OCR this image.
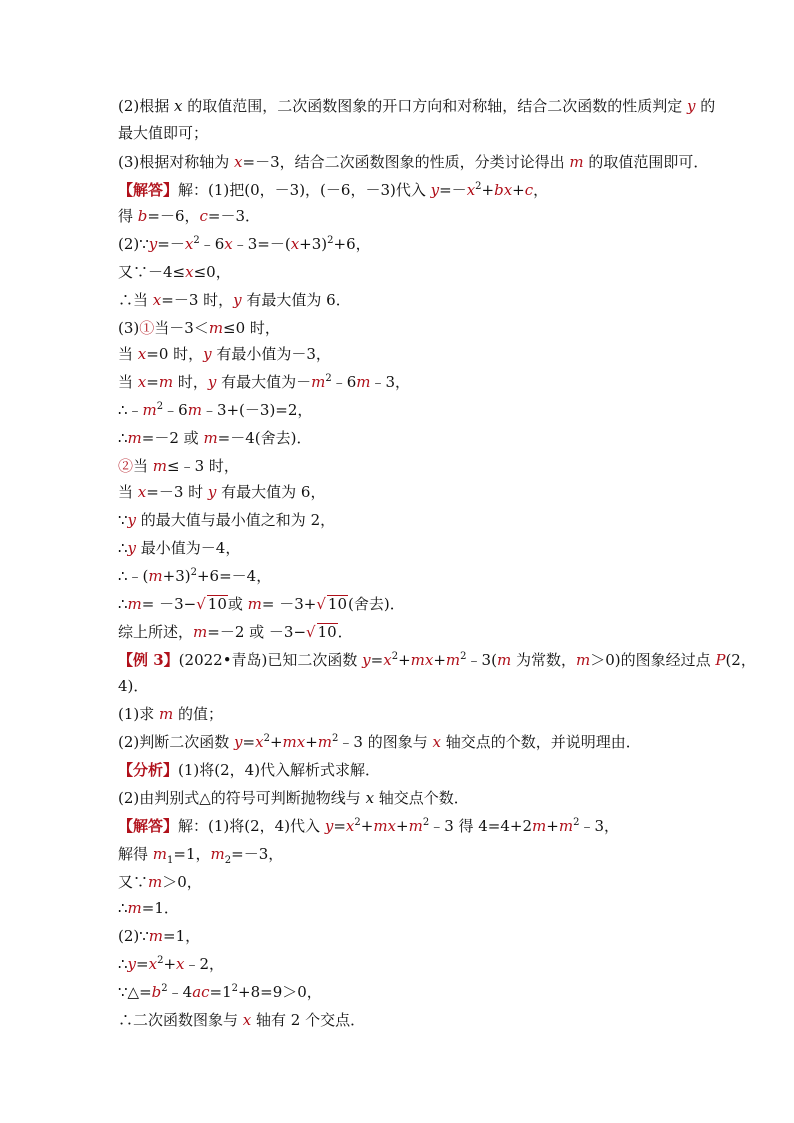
(2)根据 x 的取值范围，二次函数图象的开口方向和对称轴，结合二次函数的性质判定 y 的
最大值即可；
(3)根据对称轴为 x=－3，结合二次函数图象的性质，分类讨论得出 m 的取值范围即可．
【解答】解：(1)把(0，－3)，(－6，－3)代入 $y=-x^2+bx+c$，
得 b=－6，c=－3．
$(2)\because y=-x^2﹣6x﹣3=-(x+3)^2+6$，
又∵－4≤x≤0，
∴当 x=－3 时，y 有最大值为 6．
(3)①当－3＜m≤0 时，
当 x=0 时，y 有最小值为－3，
当 x=m 时，y 有最大值为$-m^2﹣6m﹣3$，
$\therefore﹣m^2﹣6m﹣3+(-3)=2$，
∴m=－2 或 m=－4(舍去)．
②当 m≤﹣3 时，
当 x=－3 时 y 有最大值为 6，
∵y 的最大值与最小值之和为 2，
∴y 最小值为－4，
$\therefore﹣(m+3)^2+6=-4$，
∴m= －3−√ 10或 m= －3+√ 10(舍去)．
综上所述，m=－2 或 －3−√ 10．
【例 3】(2022•青岛)已知二次函数 $y=x^2+mx+m^2﹣3(m$ 为常数，m＞0)的图象经过点 P(2，
4)．
(1)求 m 的值；
(2)判断二次函数 $y=x^2+mx+m^2﹣3$ 的图象与 x 轴交点的个数，并说明理由．
【分析】(1)将(2，4)代入解析式求解．
(2)由判别式△的符号可判断抛物线与 x 轴交点个数．
【解答】解：(1)将(2，4)代入 $y=x^2+mx+m^2﹣3$ 得 $4=4+2m+m^2﹣3$，
解得 $m_1=1$，$m_2=-3$，
又∵m＞0，
∴m=1．
(2)∵m=1，
$\therefore y=x^2+x﹣2$，
$\because\triangle=b^2﹣4ac=1^2+8=9>0$，
∴二次函数图象与 x 轴有 2 个交点．
